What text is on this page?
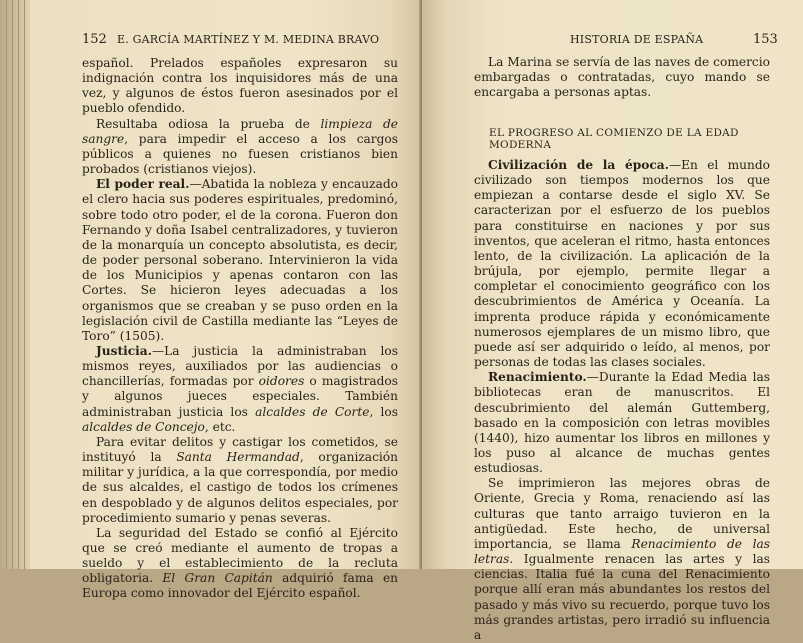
152 E. GARCÍA MARTÍNEZ Y M. MEDINA BRAVO

español. Prelados españoles expresaron su indignación contra los inquisidores más de una vez, y algunos de éstos fueron asesinados por el pueblo ofendido.

Resultaba odiosa la prueba de limpieza de sangre, para impedir el acceso a los cargos públicos a quienes no fuesen cristianos bien probados (cristianos viejos).

El poder real.—Abatida la nobleza y encauzado el clero hacia sus poderes espirituales, predominó, sobre todo otro poder, el de la corona. Fueron don Fernando y doña Isabel centralizadores, y tuvieron de la monarquía un concepto absolutista, es decir, de poder personal soberano. Intervinieron la vida de los Municipios y apenas contaron con las Cortes. Se hicieron leyes adecuadas a los organismos que se creaban y se puso orden en la legislación civil de Castilla mediante las “Leyes de Toro” (1505).

Justicia.—La justicia la administraban los mismos reyes, auxiliados por las audiencias o chancillerías, formadas por oidores o magistrados y algunos jueces especiales. También administraban justicia los alcaldes de Corte, los alcaldes de Concejo, etc.

Para evitar delitos y castigar los cometidos, se instituyó la Santa Hermandad, organización militar y jurídica, a la que correspondía, por medio de sus alcaldes, el castigo de todos los crímenes en despoblado y de algunos delitos especiales, por procedimiento sumario y penas severas.

La seguridad del Estado se confió al Ejército que se creó mediante el aumento de tropas a sueldo y el establecimiento de la recluta obligatoria. El Gran Capitán adquirió fama en Europa como innovador del Ejército español.

HISTORIA DE ESPAÑA	153

La Marina se servía de las naves de comercio embargadas o contratadas, cuyo mando se encargaba a personas aptas.

EL PROGRESO AL COMIENZO DE LA EDAD MODERNA

Civilización de la época.—En el mundo civilizado son tiempos modernos los que empiezan a contarse desde el siglo XV. Se caracterizan por el esfuerzo de los pueblos para constituirse en naciones y por sus inventos, que aceleran el ritmo, hasta entonces lento, de la civilización. La aplicación de la brújula, por ejemplo, permite llegar a completar el conocimiento geográfico con los descubrimientos de América y Oceanía. La imprenta produce rápida y económicamente numerosos ejemplares de un mismo libro, que puede así ser adquirido o leído, al menos, por personas de todas las clases sociales.

Renacimiento.—Durante la Edad Media las bibliotecas eran de manuscritos. El descubrimiento del alemán Guttemberg, basado en la composición con letras movibles (1440), hizo aumentar los libros en millones y los puso al alcance de muchas gentes estudiosas.

Se imprimieron las mejores obras de Oriente, Grecia y Roma, renaciendo así las culturas que tanto arraigo tuvieron en la antigüedad. Este hecho, de universal importancia, se llama Renacimiento de las letras. Igualmente renacen las artes y las ciencias. Italia fué la cuna del Renacimiento porque allí eran más abundantes los restos del pasado y más vivo su recuerdo, porque tuvo los más grandes artistas, pero irradió su influencia a
